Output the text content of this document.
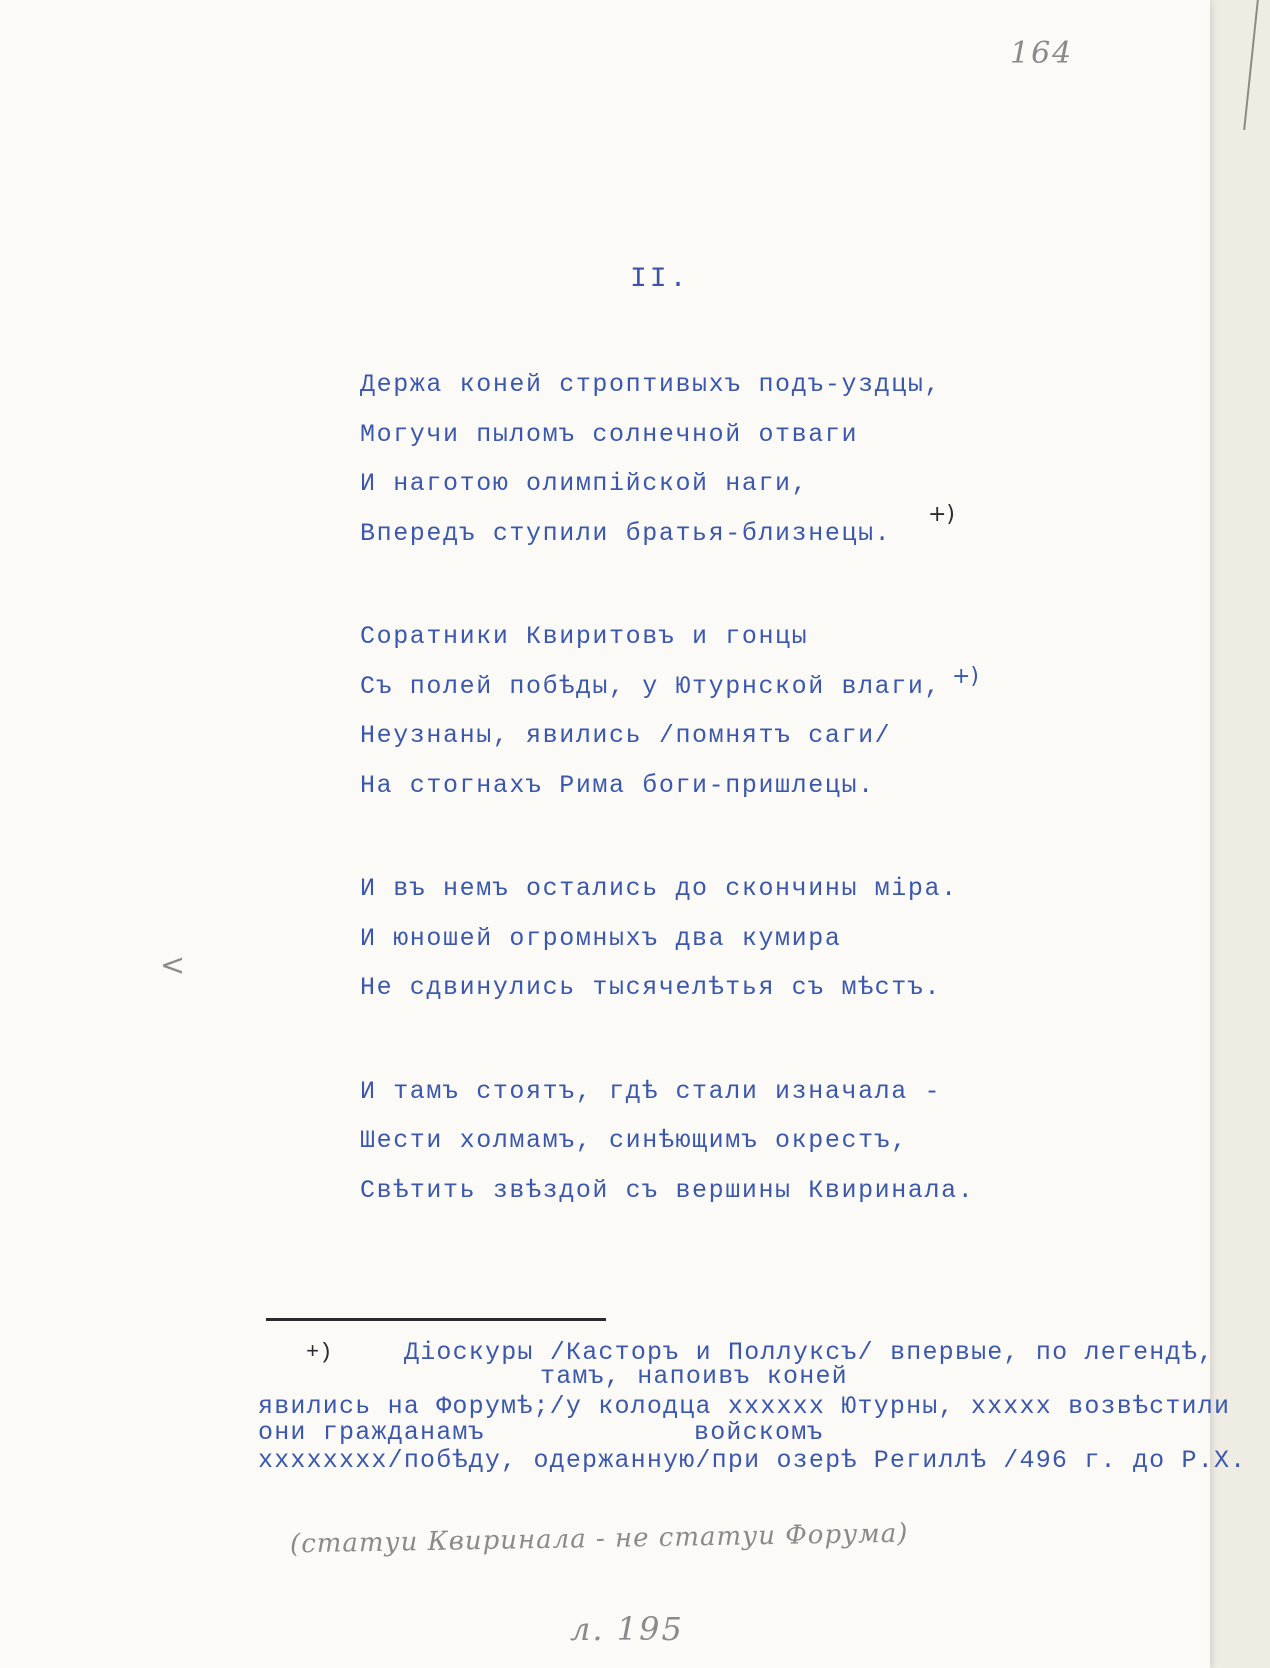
164
II.
Держа коней строптивыхъ подъ-уздцы,
Могучи пыломъ солнечной отваги
И наготою олимпійской наги,
Впередъ ступили братья-близнецы.
Соратники Квиритовъ и гонцы
Съ полей побѣды, у Ютурнской влаги,
Неузнаны, явились /помнятъ саги/
На стогнахъ Рима боги-пришлецы.
И въ немъ остались до скончины міра.
И юношей огромныхъ два кумира
Не сдвинулись тысячелѣтья съ мѣстъ.
И тамъ стоятъ, гдѣ стали изначала -
Шести холмамъ, синѣющимъ окрестъ,
Свѣтить звѣздой съ вершины Квиринала.
+)
+)
<
+)	Діоскуры /Касторъ и Поллуксъ/ впервые, по легендѣ,
тамъ, напоивъ коней
явились на Форумѣ;/у колодца хххххх Ютурны, ххххх возвѣстили
они гражданамъ	войскомъ
хххххххх/побѣду, одержанную/при озерѣ Региллѣ /496 г. до Р.Х.
(статуи Квиринала - не статуи Форума)
л. 195
